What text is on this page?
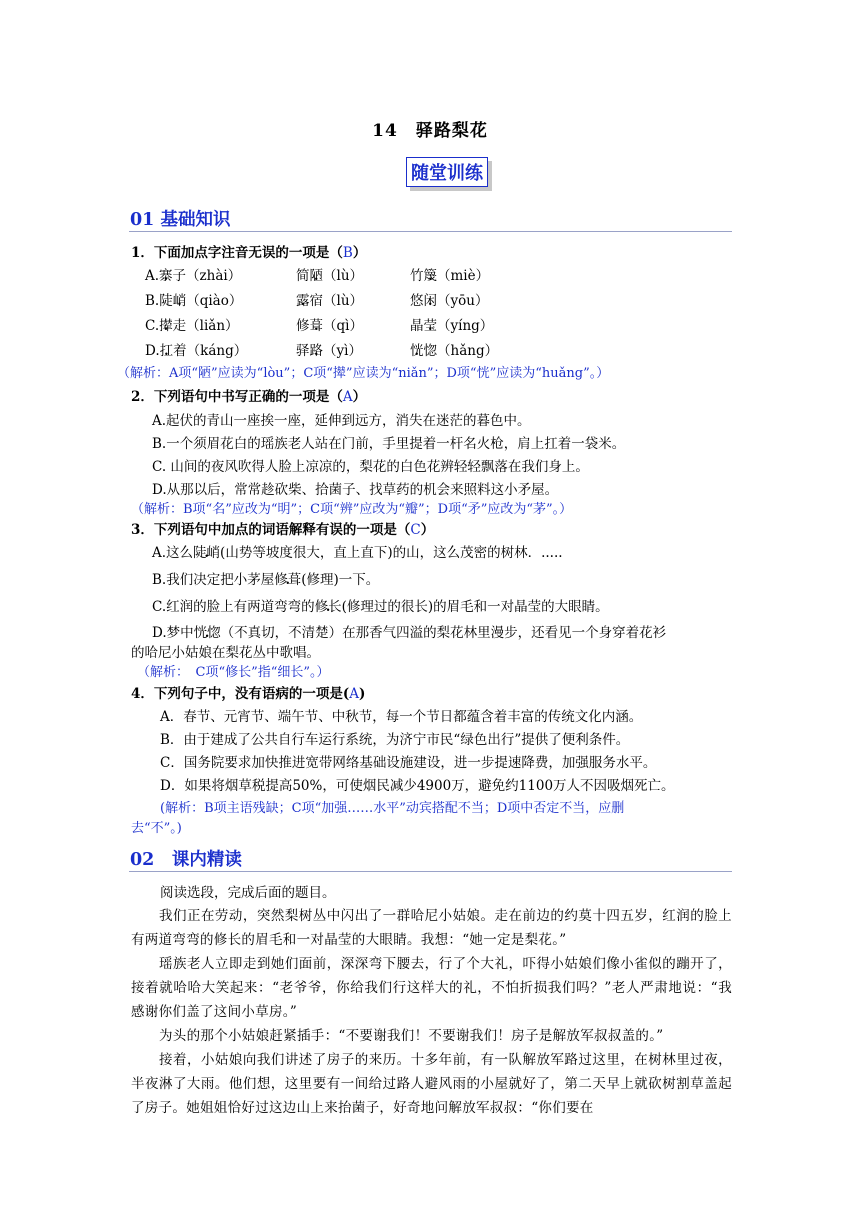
14　驿路梨花
随堂训练
01 基础知识
1．下面加点字注音无误的一项是（B）
A.寨 •子（zhài）	简陋 •（lù）	竹篾 •（miè）
B.陡峭 •（qiào）	露 •宿（lù）	悠闲 •（yōu）
C.撵 •走（liǎn）	修葺 •（qì）	晶莹 •（yíng）
D.扛 •着（káng）	驿路 •（yì）	恍 •惚（hǎng）
（解析：A项“陋”应读为“lòu”；C项“撵”应读为“niǎn”；D项“恍”应读为“huǎng”。）
2．下列语句中书写正确的一项是（A）
A.起伏的青山一座挨一座，延伸到远方，消失在迷茫的暮色中。
B.一个须眉花白的瑶族老人站在门前，手里提着一杆名火枪，肩上扛着一袋米。
C. 山间的夜风吹得人脸上凉凉的，梨花的白色花辨轻轻飘落在我们身上。
D.从那以后，常常趁砍柴、拾菌子、找草药的机会来照料这小矛屋。
（解析：B项“名”应改为“明”；C项“辨”应改为“瓣”；D项“矛”应改为“茅”。）
3．下列语句中加点的词语解释有误的一项是（C）
A.这么陡峭 •(山势等坡度很大，直上直下)的山，这么茂密的树林．.....
B.我们决定把小茅屋修葺 •(修理)一下。
C.红润的脸上有两道弯弯的修长 •(修理过的很长)的眉毛和一对晶莹的大眼睛。
D.梦中恍惚 •（不真切，不清楚）在那香气四溢的梨花林里漫步，还看见一个身穿着花衫
的哈尼小姑娘在梨花丛中歌唱。
（解析：　C项“修长”指“细长”。）
4．下列句子中，没有语病的一项是(A)
A．春节、元宵节、端午节、中秋节，每一个节日都蕴含着丰富的传统文化内涵。
B．由于建成了公共自行车运行系统，为济宁市民“绿色出行”提供了便利条件。
C．国务院要求加快推进宽带网络基础设施建设，进一步提速降费，加强服务水平。
D．如果将烟草税提高50%，可使烟民减少4900万，避免约1100万人不因吸烟死亡。
(解析：B项主语残缺；C项“加强……水平”动宾搭配不当；D项中否定不当，应删
去“不”。)
02　课内精读
阅读选段，完成后面的题目。
我们正在劳动，突然梨树丛中闪出了一群哈尼小姑娘。走在前边的约莫十四五岁，红润的脸上有两道弯弯的修长的眉毛和一对晶莹的大眼睛。我想：“她一定是梨花。”
瑶族老人立即走到她们面前，深深弯下腰去，行了个大礼，吓得小姑娘们像小雀似的蹦开了，接着就哈哈大笑起来：“老爷爷，你给我们行这样大的礼，不怕折损我们吗？”老人严肃地说：“我感谢你们盖了这间小草房。”
为头的那个小姑娘赶紧插手：“不要谢我们！不要谢我们！房子是解放军叔叔盖的。”
接着，小姑娘向我们讲述了房子的来历。十多年前，有一队解放军路过这里，在树林里过夜，半夜淋了大雨。他们想，这里要有一间给过路人避风雨的小屋就好了，第二天早上就砍树割草盖起了房子。她姐姐恰好过这边山上来抬菌子，好奇地问解放军叔叔：“你们要在
